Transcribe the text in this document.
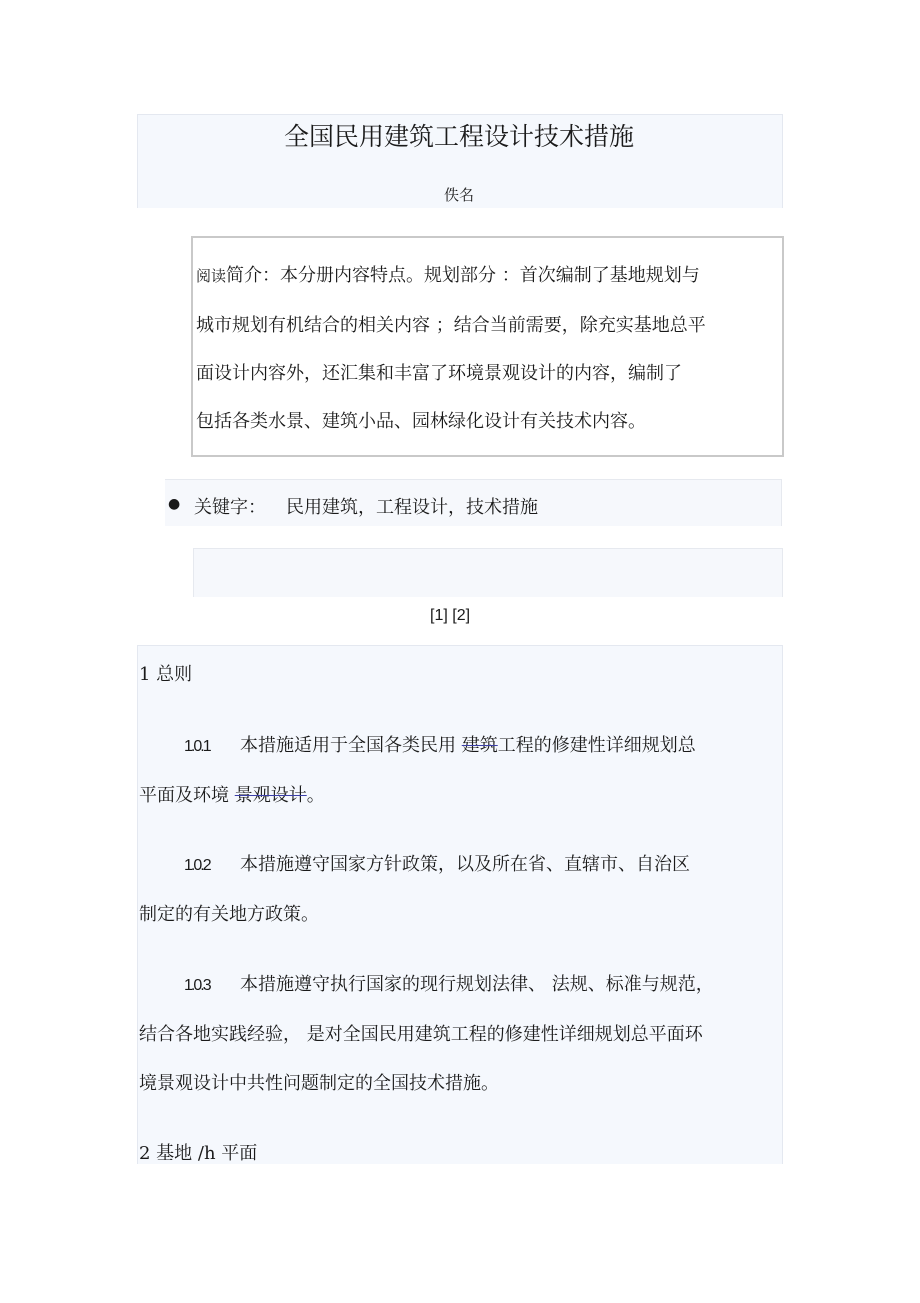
全国民用建筑工程设计技术措施
佚名
阅读简介：本分册内容特点。规划部分 ：首次编制了基地规划与
城市规划有机结合的相关内容 ；结合当前需要，除充实基地总平
面设计内容外，还汇集和丰富了环境景观设计的内容，编制了
包括各类水景、建筑小品、园林绿化设计有关技术内容。
● 关键字： 民用建筑，工程设计，技术措施
[1] [2]
1 总则
1.0.1 本措施适用于全国各类民用 建筑工程的修建性详细规划总
平面及环境 景观设计。
1.0.2 本措施遵守国家方针政策，以及所在省、直辖市、自治区
制定的有关地方政策。
1.0.3 本措施遵守执行国家的现行规划法律、 法规、标准与规范，
结合各地实践经验， 是对全国民用建筑工程的修建性详细规划总平面环
境景观设计中共性问题制定的全国技术措施。
2 基地 /h 平面
